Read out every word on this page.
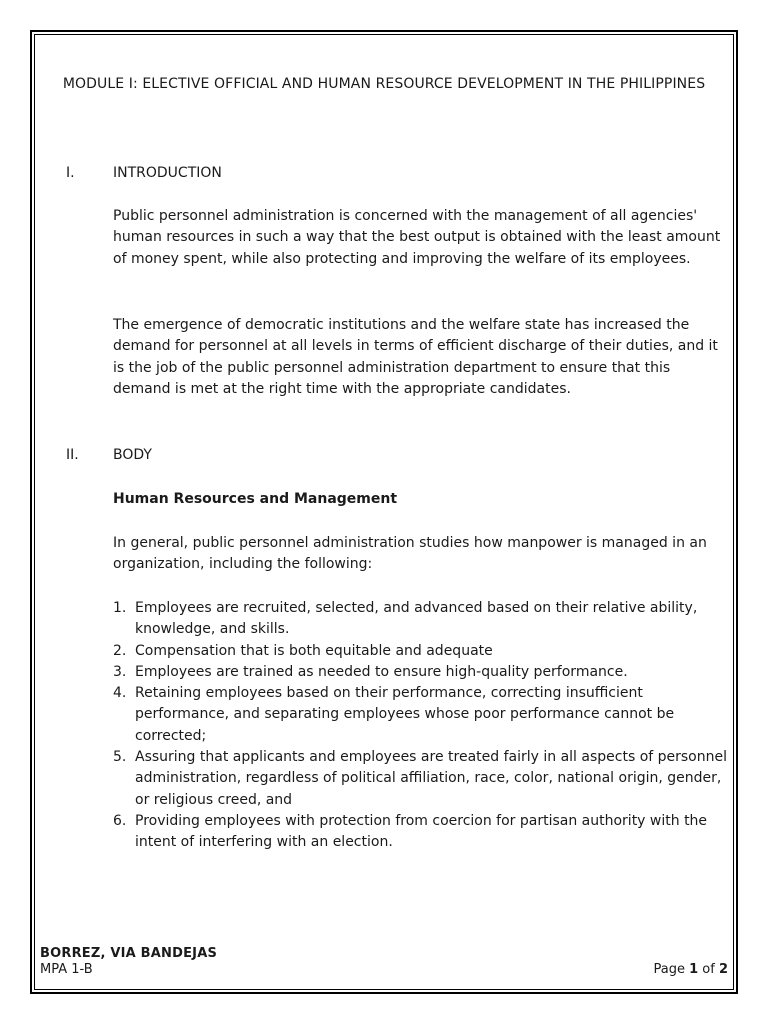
MODULE I: ELECTIVE OFFICIAL AND HUMAN RESOURCE DEVELOPMENT IN THE PHILIPPINES
I.	INTRODUCTION
Public personnel administration is concerned with the management of all agencies' human resources in such a way that the best output is obtained with the least amount of money spent, while also protecting and improving the welfare of its employees.
The emergence of democratic institutions and the welfare state has increased the demand for personnel at all levels in terms of efficient discharge of their duties, and it is the job of the public personnel administration department to ensure that this demand is met at the right time with the appropriate candidates.
II. BODY
Human Resources and Management
In general, public personnel administration studies how manpower is managed in an organization, including the following:
1. Employees are recruited, selected, and advanced based on their relative ability, knowledge, and skills.
2. Compensation that is both equitable and adequate
3. Employees are trained as needed to ensure high-quality performance.
4. Retaining employees based on their performance, correcting insufficient performance, and separating employees whose poor performance cannot be corrected;
5. Assuring that applicants and employees are treated fairly in all aspects of personnel administration, regardless of political affiliation, race, color, national origin, gender, or religious creed, and
6. Providing employees with protection from coercion for partisan authority with the intent of interfering with an election.
BORREZ, VIA BANDEJAS
MPA 1-B	Page 1 of 2
